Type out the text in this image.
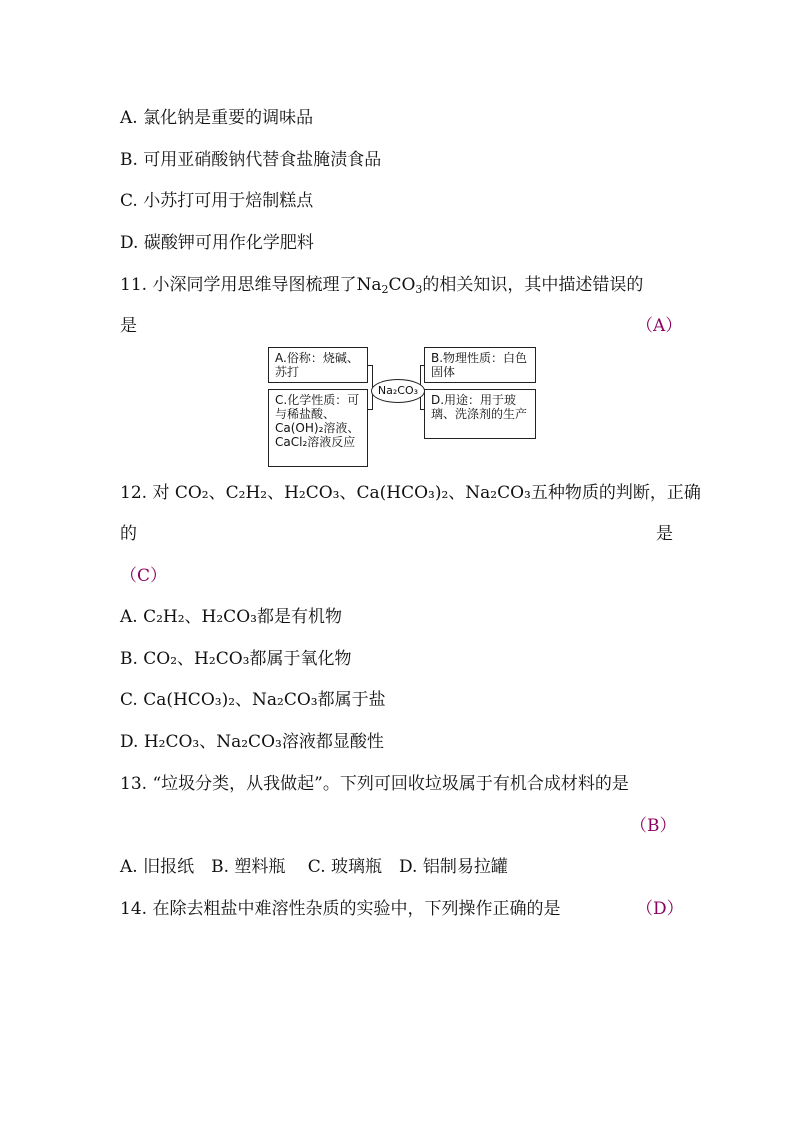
A. 氯化钠是重要的调味品
B. 可用亚硝酸钠代替食盐腌渍食品
C. 小苏打可用于焙制糕点
D. 碳酸钾可用作化学肥料
11. 小深同学用思维导图梳理了$Na_2CO_3$的相关知识，其中描述错误的
是	（A）
A.俗称：烧碱、苏打
C.化学性质：可与稀盐酸、Ca(OH)₂溶液、CaCl₂溶液反应
B.物理性质：白色固体
D.用途：用于玻璃、洗涤剂的生产
Na₂CO₃
12. 对 CO₂、C₂H₂、H₂CO₃、Ca(HCO₃)₂、Na₂CO₃五种物质的判断，正确
的	是
（C）
A. C₂H₂、H₂CO₃都是有机物
B. CO₂、H₂CO₃都属于氧化物
C. Ca(HCO₃)₂、Na₂CO₃都属于盐
D. H₂CO₃、Na₂CO₃溶液都显酸性
13. “垃圾分类，从我做起”。下列可回收垃圾属于有机合成材料的是
（B）
A. 旧报纸　B. 塑料瓶　 C. 玻璃瓶　D. 铝制易拉罐
14. 在除去粗盐中难溶性杂质的实验中，下列操作正确的是	（D）
